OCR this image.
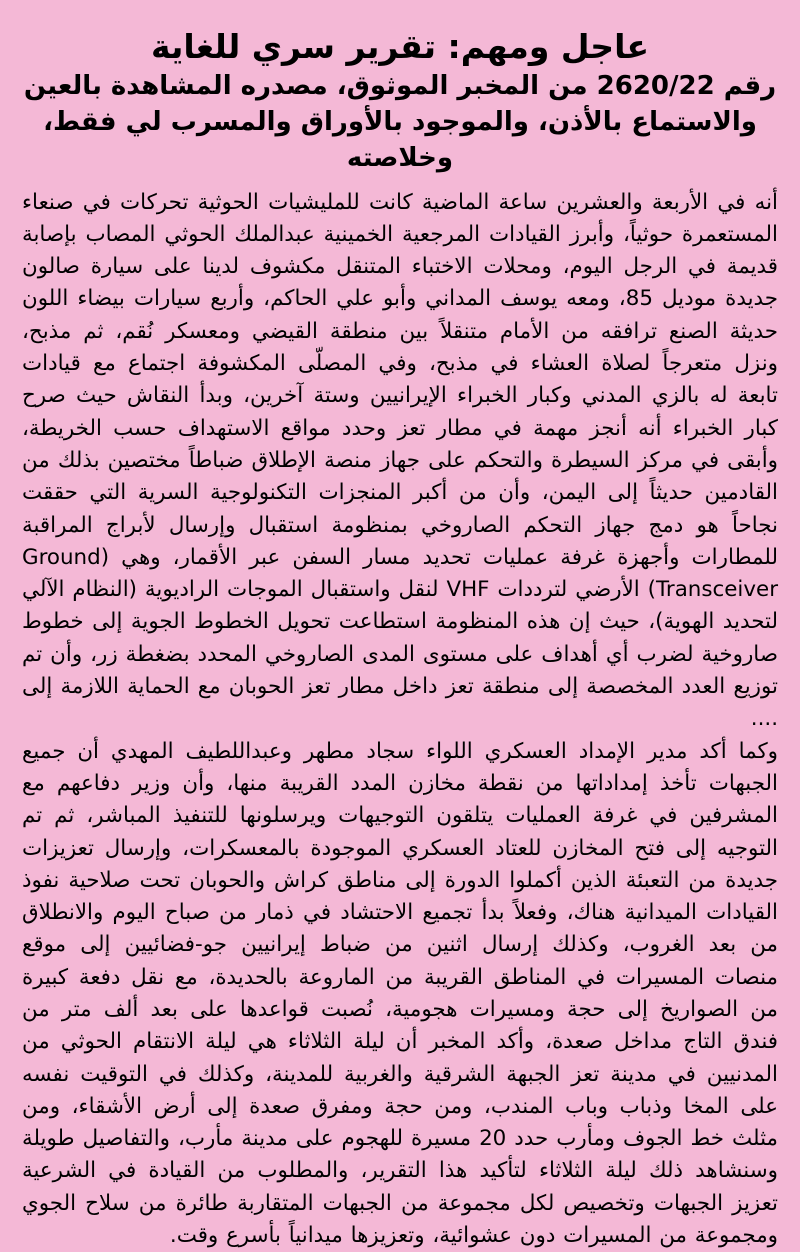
عاجل ومهم: تقرير سري للغاية
رقم 2620/22 من المخبر الموثوق، مصدره المشاهدة بالعين والاستماع بالأذن، والموجود بالأوراق والمسرب لي فقط، وخلاصته
أنه في الأربعة والعشرين ساعة الماضية كانت للمليشيات الحوثية تحركات في صنعاء المستعمرة حوثياً، وأبرز القيادات المرجعية الخمينية عبدالملك الحوثي المصاب بإصابة قديمة في الرجل اليوم، ومحلات الاختباء المتنقل مكشوف لدينا على سيارة صالون جديدة موديل 85، ومعه يوسف المداني وأبو علي الحاكم، وأربع سيارات بيضاء اللون حديثة الصنع ترافقه من الأمام متنقلاً بين منطقة القيضي ومعسكر نُقم، ثم مذبح، ونزل متعرجاً لصلاة العشاء في مذبح، وفي المصلّى المكشوفة اجتماع مع قيادات تابعة له بالزي المدني وكبار الخبراء الإيرانيين وستة آخرين، وبدأ النقاش حيث صرح كبار الخبراء أنه أنجز مهمة في مطار تعز وحدد مواقع الاستهداف حسب الخريطة، وأبقى في مركز السيطرة والتحكم على جهاز منصة الإطلاق ضباطاً مختصين بذلك من القادمين حديثاً إلى اليمن، وأن من أكبر المنجزات التكنولوجية السرية التي حققت نجاحاً هو دمج جهاز التحكم الصاروخي بمنظومة استقبال وإرسال لأبراج المراقبة للمطارات وأجهزة غرفة عمليات تحديد مسار السفن عبر الأقمار، وهي (Ground Transceiver) الأرضي لترددات VHF لنقل واستقبال الموجات الراديوية (النظام الآلي لتحديد الهوية)، حيث إن هذه المنظومة استطاعت تحويل الخطوط الجوية إلى خطوط صاروخية لضرب أي أهداف على مستوى المدى الصاروخي المحدد بضغطة زر، وأن تم توزيع العدد المخصصة إلى منطقة تعز داخل مطار تعز الحوبان مع الحماية اللازمة إلى ....
وكما أكد مدير الإمداد العسكري اللواء سجاد مطهر وعبداللطيف المهدي أن جميع الجبهات تأخذ إمداداتها من نقطة مخازن المدد القريبة منها، وأن وزير دفاعهم مع المشرفين في غرفة العمليات يتلقون التوجيهات ويرسلونها للتنفيذ المباشر، ثم تم التوجيه إلى فتح المخازن للعتاد العسكري الموجودة بالمعسكرات، وإرسال تعزيزات جديدة من التعبئة الذين أكملوا الدورة إلى مناطق كراش والحوبان تحت صلاحية نفوذ القيادات الميدانية هناك، وفعلاً بدأ تجميع الاحتشاد في ذمار من صباح اليوم والانطلاق من بعد الغروب، وكذلك إرسال اثنين من ضباط إيرانيين جو-فضائيين إلى موقع منصات المسيرات في المناطق القريبة من الماروعة بالحديدة، مع نقل دفعة كبيرة من الصواريخ إلى حجة ومسيرات هجومية، نُصبت قواعدها على بعد ألف متر من فندق التاج مداخل صعدة، وأكد المخبر أن ليلة الثلاثاء هي ليلة الانتقام الحوثي من المدنيين في مدينة تعز الجبهة الشرقية والغربية للمدينة، وكذلك في التوقيت نفسه على المخا وذباب وباب المندب، ومن حجة ومفرق صعدة إلى أرض الأشقاء، ومن مثلث خط الجوف ومأرب حدد 20 مسيرة للهجوم على مدينة مأرب، والتفاصيل طويلة وسنشاهد ذلك ليلة الثلاثاء لتأكيد هذا التقرير، والمطلوب من القيادة في الشرعية تعزيز الجبهات وتخصيص لكل مجموعة من الجبهات المتقاربة طائرة من سلاح الجوي ومجموعة من المسيرات دون عشوائية، وتعزيزها ميدانياً بأسرع وقت.
